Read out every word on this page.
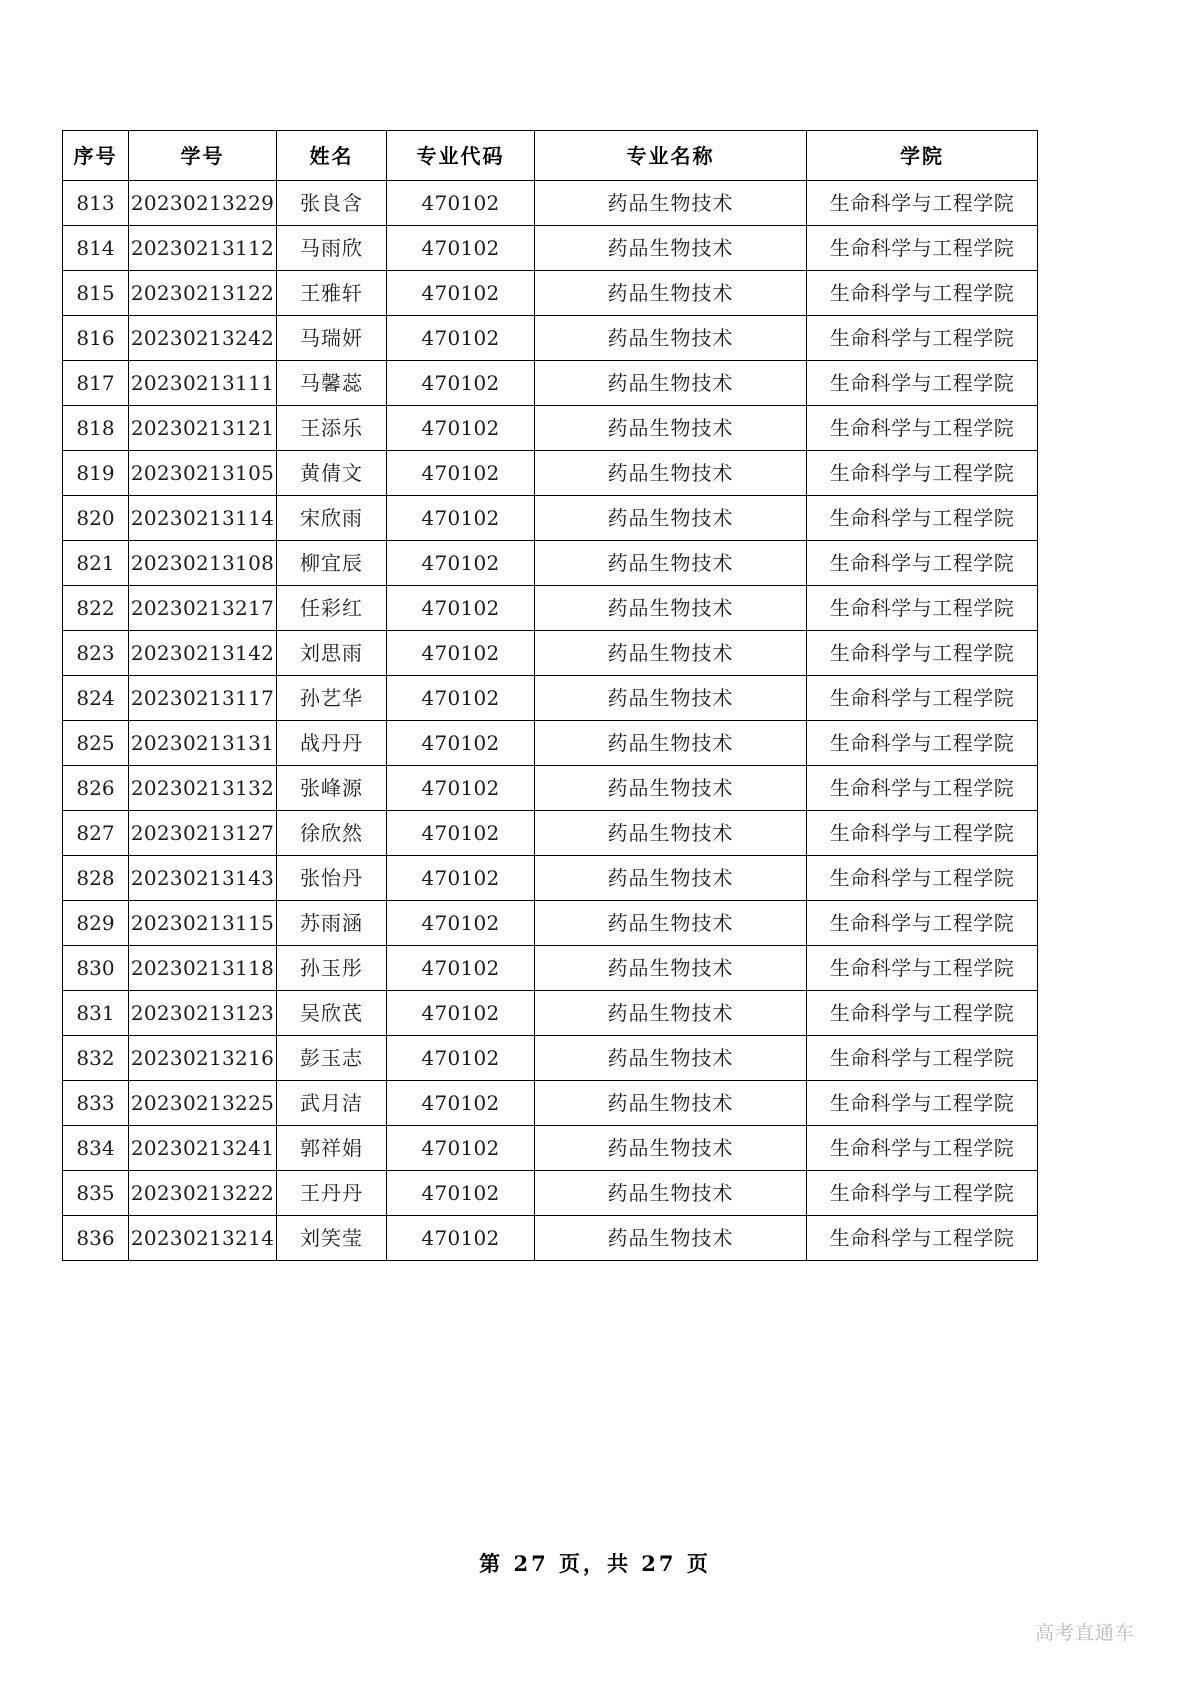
序号	学号	姓名	专业代码	专业名称	学院
813	20230213229	张良含	470102	药品生物技术	生命科学与工程学院
814	20230213112	马雨欣	470102	药品生物技术	生命科学与工程学院
815	20230213122	王雅轩	470102	药品生物技术	生命科学与工程学院
816	20230213242	马瑞妍	470102	药品生物技术	生命科学与工程学院
817	20230213111	马馨蕊	470102	药品生物技术	生命科学与工程学院
818	20230213121	王添乐	470102	药品生物技术	生命科学与工程学院
819	20230213105	黄倩文	470102	药品生物技术	生命科学与工程学院
820	20230213114	宋欣雨	470102	药品生物技术	生命科学与工程学院
821	20230213108	柳宜辰	470102	药品生物技术	生命科学与工程学院
822	20230213217	任彩红	470102	药品生物技术	生命科学与工程学院
823	20230213142	刘思雨	470102	药品生物技术	生命科学与工程学院
824	20230213117	孙艺华	470102	药品生物技术	生命科学与工程学院
825	20230213131	战丹丹	470102	药品生物技术	生命科学与工程学院
826	20230213132	张峰源	470102	药品生物技术	生命科学与工程学院
827	20230213127	徐欣然	470102	药品生物技术	生命科学与工程学院
828	20230213143	张怡丹	470102	药品生物技术	生命科学与工程学院
829	20230213115	苏雨涵	470102	药品生物技术	生命科学与工程学院
830	20230213118	孙玉彤	470102	药品生物技术	生命科学与工程学院
831	20230213123	吴欣芪	470102	药品生物技术	生命科学与工程学院
832	20230213216	彭玉志	470102	药品生物技术	生命科学与工程学院
833	20230213225	武月洁	470102	药品生物技术	生命科学与工程学院
834	20230213241	郭祥娟	470102	药品生物技术	生命科学与工程学院
835	20230213222	王丹丹	470102	药品生物技术	生命科学与工程学院
836	20230213214	刘笑莹	470102	药品生物技术	生命科学与工程学院
第 27 页，共 27 页
高考直通车
